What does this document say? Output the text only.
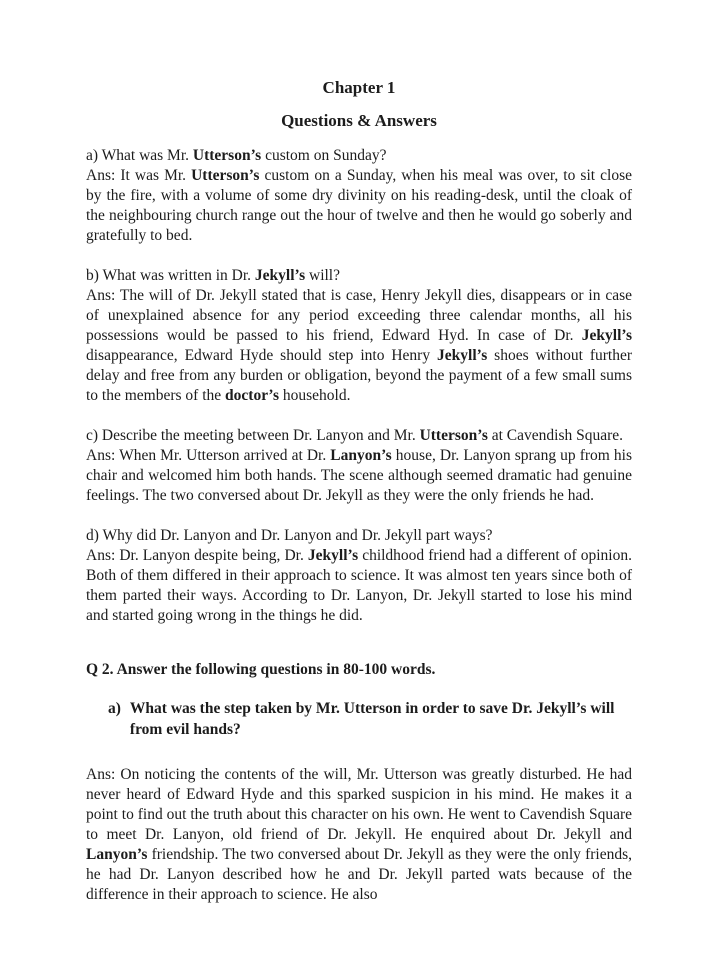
Chapter 1
Questions & Answers

a) What was Mr. Utterson’s custom on Sunday?

Ans: It was Mr. Utterson’s custom on a Sunday, when his meal was over, to sit close by the fire, with a volume of some dry divinity on his reading-desk, until the cloak of the neighbouring church range out the hour of twelve and then he would go soberly and gratefully to bed.

b) What was written in Dr. Jekyll’s will?

Ans: The will of Dr. Jekyll stated that is case, Henry Jekyll dies, disappears or in case of unexplained absence for any period exceeding three calendar months, all his possessions would be passed to his friend, Edward Hyd. In case of Dr. Jekyll’s disappearance, Edward Hyde should step into Henry Jekyll’s shoes without further delay and free from any burden or obligation, beyond the payment of a few small sums to the members of the doctor’s household.

c) Describe the meeting between Dr. Lanyon and Mr. Utterson’s at Cavendish Square.

Ans: When Mr. Utterson arrived at Dr. Lanyon’s house, Dr. Lanyon sprang up from his chair and welcomed him both hands. The scene although seemed dramatic had genuine feelings. The two conversed about Dr. Jekyll as they were the only friends he had.

d) Why did Dr. Lanyon and Dr. Lanyon and Dr. Jekyll part ways?

Ans: Dr. Lanyon despite being, Dr. Jekyll’s childhood friend had a different of opinion. Both of them differed in their approach to science. It was almost ten years since both of them parted their ways. According to Dr. Lanyon, Dr. Jekyll started to lose his mind and started going wrong in the things he did.

Q 2. Answer the following questions in 80-100 words.

a) What was the step taken by Mr. Utterson in order to save Dr. Jekyll’s will from evil hands?

Ans: On noticing the contents of the will, Mr. Utterson was greatly disturbed. He had never heard of Edward Hyde and this sparked suspicion in his mind. He makes it a point to find out the truth about this character on his own. He went to Cavendish Square to meet Dr. Lanyon, old friend of Dr. Jekyll. He enquired about Dr. Jekyll and Lanyon’s friendship. The two conversed about Dr. Jekyll as they were the only friends, he had Dr. Lanyon described how he and Dr. Jekyll parted wats because of the difference in their approach to science. He also
